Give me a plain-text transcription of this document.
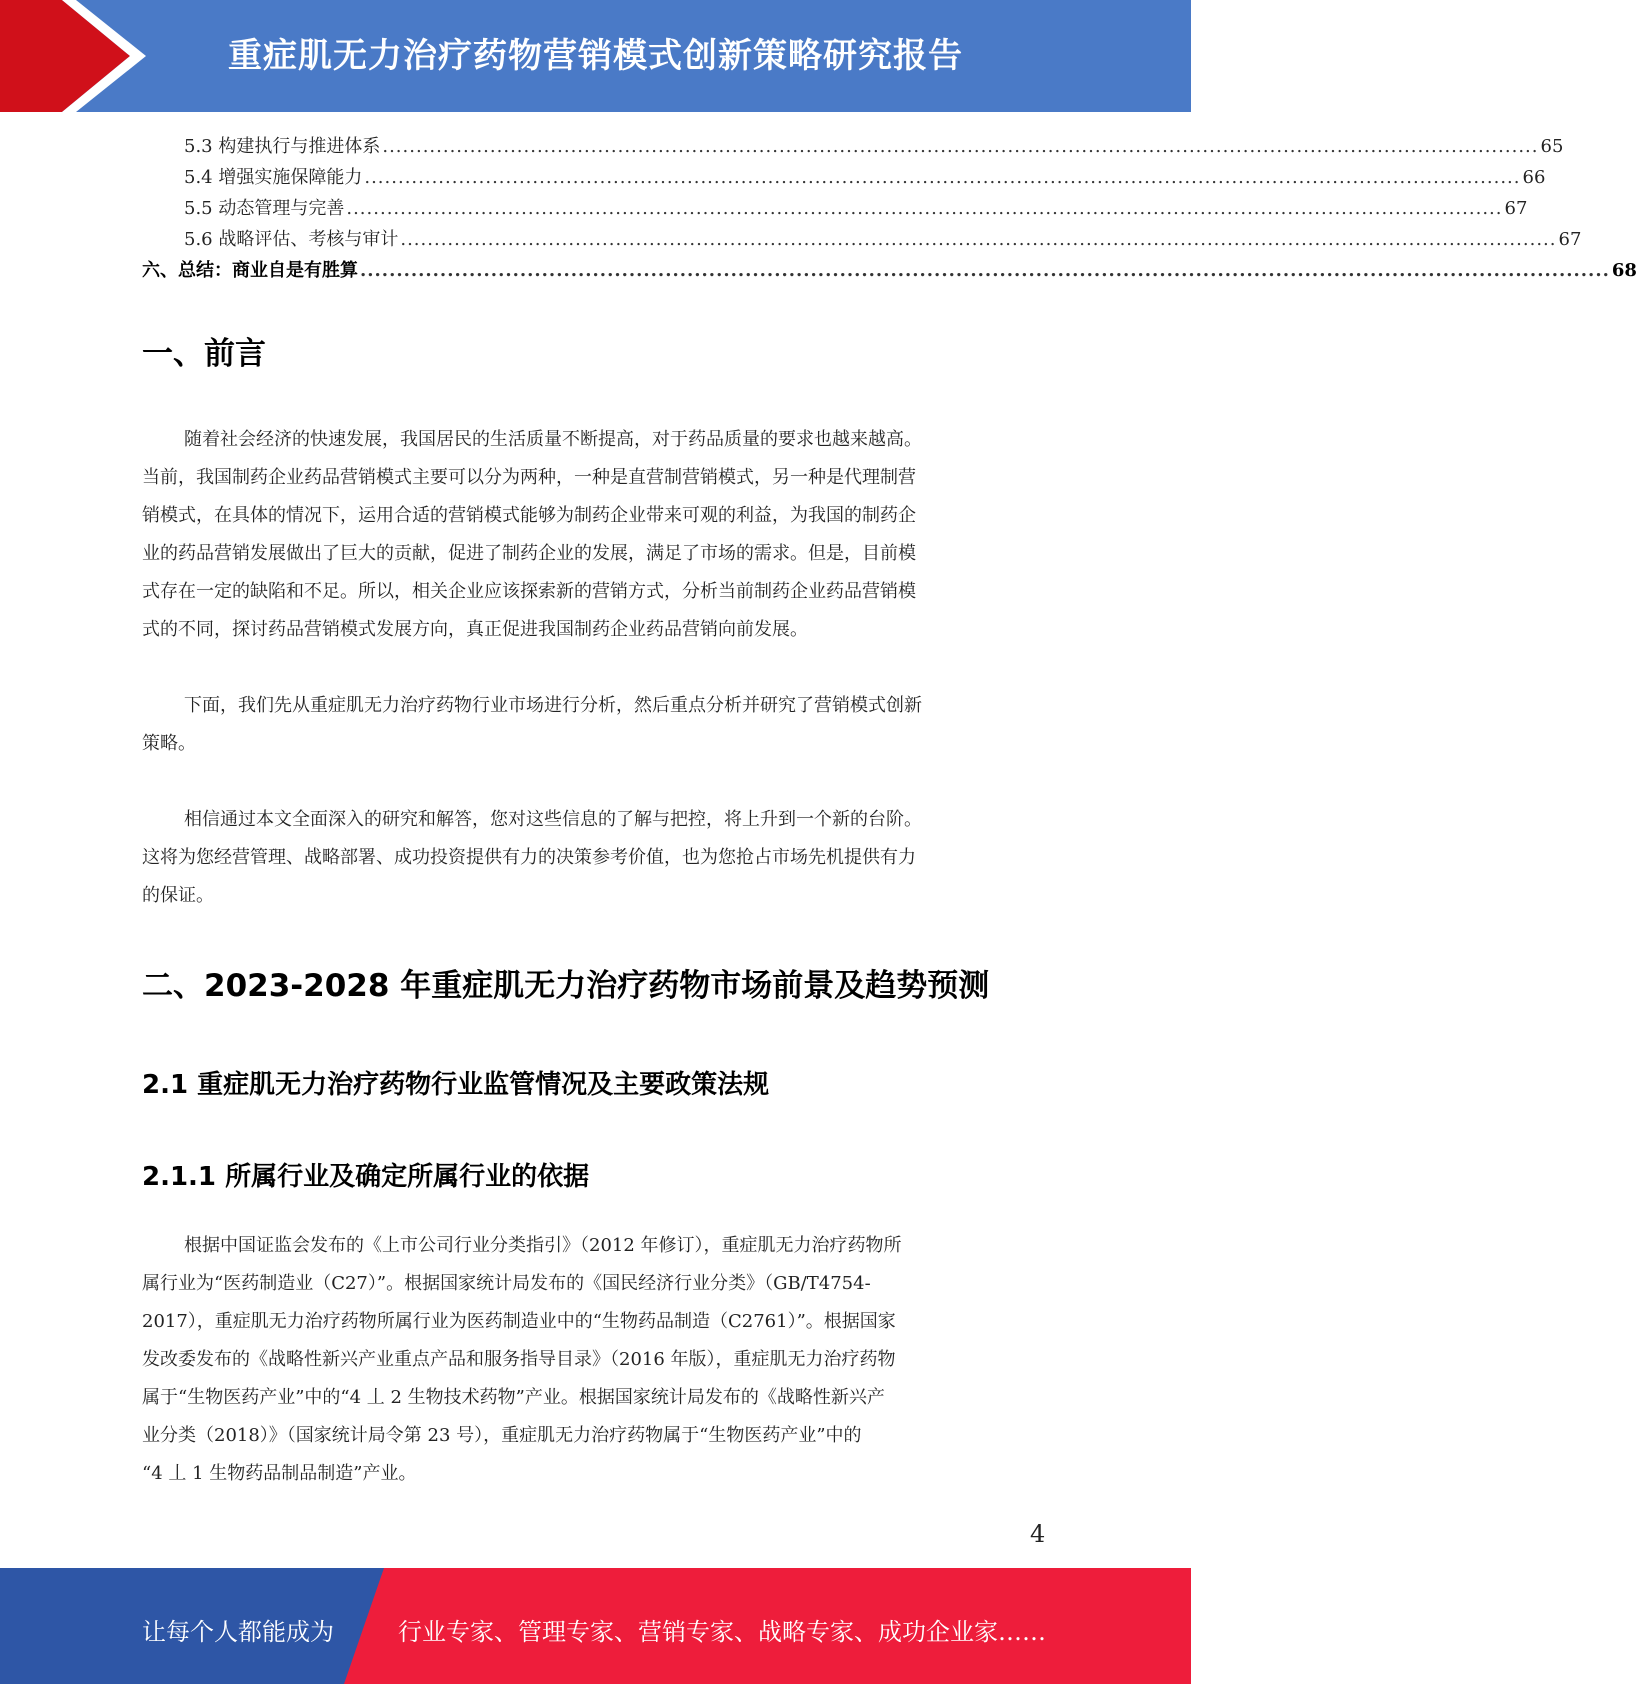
重症肌无力治疗药物营销模式创新策略研究报告
5.3 构建执行与推进体系 ............................................................................................................................................................................ 65
5.4 增强实施保障能力 ............................................................................................................................................................................ 66
5.5 动态管理与完善 ............................................................................................................................................................................ 67
5.6 战略评估、考核与审计 ............................................................................................................................................................................ 67
六、总结：商业自是有胜算 ............................................................................................................................................................................ 68
一、前言
随着社会经济的快速发展，我国居民的生活质量不断提高，对于药品质量的要求也越来越高。
当前，我国制药企业药品营销模式主要可以分为两种，一种是直营制营销模式，另一种是代理制营
销模式，在具体的情况下，运用合适的营销模式能够为制药企业带来可观的利益，为我国的制药企
业的药品营销发展做出了巨大的贡献，促进了制药企业的发展，满足了市场的需求。但是，目前模
式存在一定的缺陷和不足。所以，相关企业应该探索新的营销方式，分析当前制药企业药品营销模
式的不同，探讨药品营销模式发展方向，真正促进我国制药企业药品营销向前发展。
下面，我们先从重症肌无力治疗药物行业市场进行分析，然后重点分析并研究了营销模式创新
策略。
相信通过本文全面深入的研究和解答，您对这些信息的了解与把控，将上升到一个新的台阶。
这将为您经营管理、战略部署、成功投资提供有力的决策参考价值，也为您抢占市场先机提供有力
的保证。
二、2023-2028 年重症肌无力治疗药物市场前景及趋势预测
2.1 重症肌无力治疗药物行业监管情况及主要政策法规
2.1.1 所属行业及确定所属行业的依据
根据中国证监会发布的《上市公司行业分类指引》（2012 年修订），重症肌无力治疗药物所
属行业为“医药制造业（C27）”。根据国家统计局发布的《国民经济行业分类》（GB/T4754-
2017），重症肌无力治疗药物所属行业为医药制造业中的“生物药品制造（C2761）”。根据国家
发改委发布的《战略性新兴产业重点产品和服务指导目录》（2016 年版），重症肌无力治疗药物
属于“生物医药产业”中的“4 丄 2 生物技术药物”产业。根据国家统计局发布的《战略性新兴产
业分类（2018）》（国家统计局令第 23 号），重症肌无力治疗药物属于“生物医药产业”中的
“4 丄 1 生物药品制品制造”产业。
4
让每个人都能成为	行业专家、管理专家、营销专家、战略专家、成功企业家……
